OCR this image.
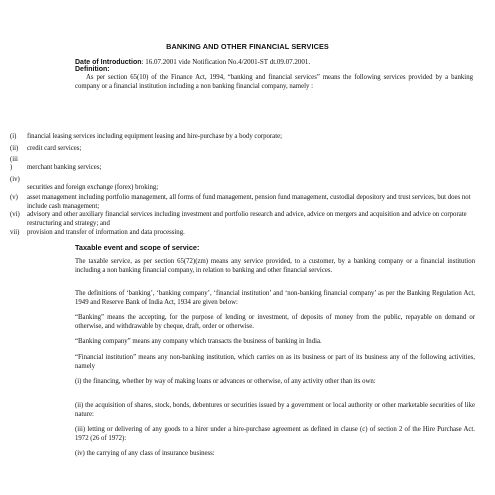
BANKING AND OTHER FINANCIAL SERVICES
Date of Introduction: 16.07.2001 vide Notification No.4/2001-ST dt.09.07.2001.
Definition:
As per section 65(10) of the Finance Act, 1994, “banking and financial services” means the following services provided by a banking company or a financial institution including a non banking financial company, namely :
(i) financial leasing services including equipment leasing and hire-purchase by a body corporate;
(ii) credit card services;
(iii
) merchant banking services;
(iv)
securities and foreign exchange (forex) broking;
(v) asset management including portfolio management, all forms of fund management, pension fund management, custodial depository and trust services, but does not include cash management;
(vi) advisory and other auxiliary financial services including investment and portfolio research and advice, advice on mergers and acquisition and advice on corporate restructuring and strategy; and
vii) provision and transfer of information and data processing.
Taxable event and scope of service:
The taxable service, as per section 65(72)(zm) means any service provided, to a customer, by a banking company or a financial institution including a non banking financial company, in relation to banking and other financial services.
The definitions of ‘banking’, ‘banking company’, ‘financial institution’ and ‘non-banking financial company’ as per the Banking Regulation Act, 1949 and Reserve Bank of India Act, 1934 are given below:
“Banking” means the accepting, for the purpose of lending or investment, of deposits of money from the public, repayable on demand or otherwise, and withdrawable by cheque, draft, order or otherwise.
“Banking company” means any company which transacts the business of banking in India.
“Financial institution” means any non-banking institution, which carries on as its business or part of its business any of the following activities, namely
(i) the financing, whether by way of making loans or advances or otherwise, of any activity other than its own:
(ii) the acquisition of shares, stock, bonds, debentures or securities issued by a government or local authority or other marketable securities of like nature:
(iii) letting or delivering of any goods to a hirer under a hire-purchase agreement as defined in clause (c) of section 2 of the Hire Purchase Act. 1972 (26 of 1972):
(iv) the carrying of any class of insurance business:
